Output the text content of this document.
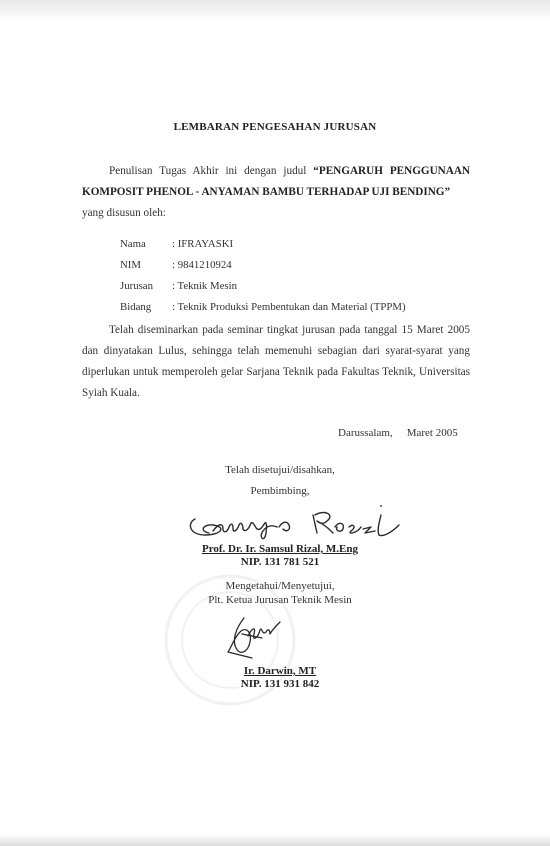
LEMBARAN PENGESAHAN JURUSAN

Penulisan Tugas Akhir ini dengan judul “PENGARUH PENGGUNAAN KOMPOSIT PHENOL - ANYAMAN BAMBU TERHADAP UJI BENDING”

yang disusun oleh:

Nama : IFRAYASKI
NIM	: 9841210924
Jurusan : Teknik Mesin
Bidang : Teknik Produksi Pembentukan dan Material (TPPM)
Telah diseminarkan pada seminar tingkat jurusan pada tanggal 15 Maret 2005 dan dinyatakan Lulus, sehingga telah memenuhi sebagian dari syarat-syarat yang diperlukan untuk memperoleh gelar Sarjana Teknik pada Fakultas Teknik, Universitas Syiah Kuala.
Darussalam, Maret 2005
Telah disetujui/disahkan,
Pembimbing,
Prof. Dr. Ir. Samsul Rizal, M.Eng
NIP. 131 781 521
Mengetahui/Menyetujui,
Plt. Ketua Jurusan Teknik Mesin
Ir. Darwin, MT
NIP. 131 931 842
